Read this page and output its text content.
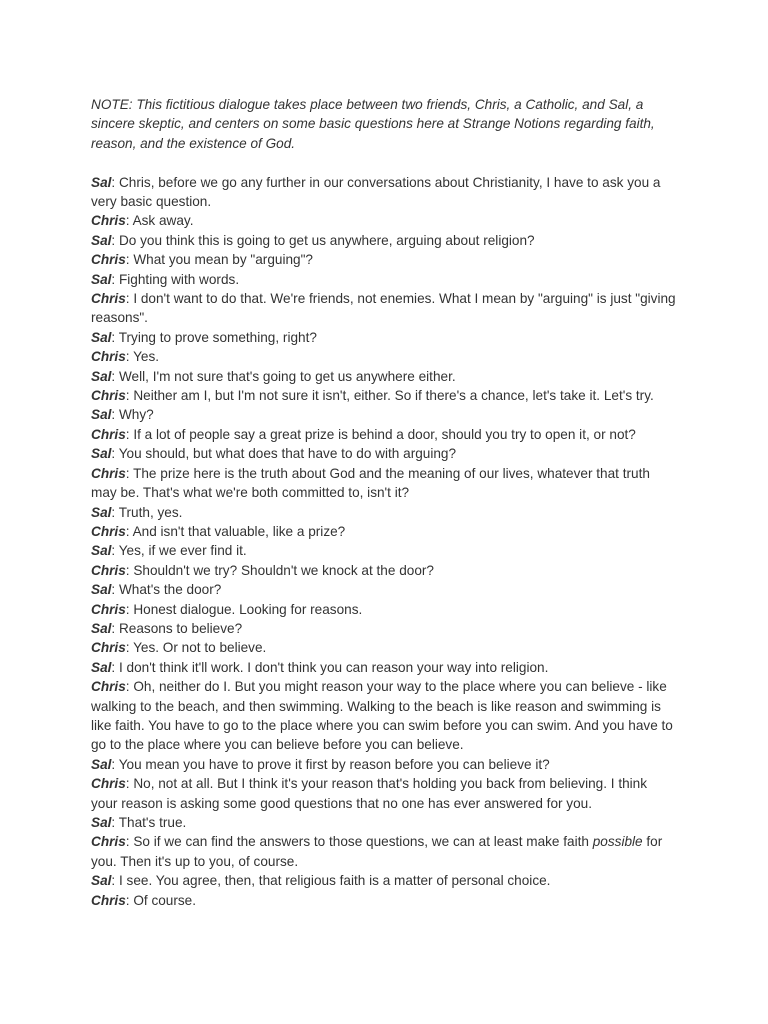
NOTE: This fictitious dialogue takes place between two friends, Chris, a Catholic, and Sal, a sincere skeptic, and centers on some basic questions here at Strange Notions regarding faith, reason, and the existence of God.

Sal: Chris, before we go any further in our conversations about Christianity, I have to ask you a very basic question.

Chris: Ask away.

Sal: Do you think this is going to get us anywhere, arguing about religion?

Chris: What you mean by "arguing"?

Sal: Fighting with words.

Chris: I don't want to do that. We're friends, not enemies. What I mean by "arguing" is just "giving reasons".

Sal: Trying to prove something, right?

Chris: Yes.

Sal: Well, I'm not sure that's going to get us anywhere either.

Chris: Neither am I, but I'm not sure it isn't, either. So if there's a chance, let's take it. Let's try.

Sal: Why?

Chris: If a lot of people say a great prize is behind a door, should you try to open it, or not?

Sal: You should, but what does that have to do with arguing?

Chris: The prize here is the truth about God and the meaning of our lives, whatever that truth may be. That's what we're both committed to, isn't it?

Sal: Truth, yes.

Chris: And isn't that valuable, like a prize?

Sal: Yes, if we ever find it.

Chris: Shouldn't we try? Shouldn't we knock at the door?

Sal: What's the door?

Chris: Honest dialogue. Looking for reasons.

Sal: Reasons to believe?

Chris: Yes. Or not to believe.

Sal: I don't think it'll work. I don't think you can reason your way into religion.

Chris: Oh, neither do I. But you might reason your way to the place where you can believe - like walking to the beach, and then swimming. Walking to the beach is like reason and swimming is like faith. You have to go to the place where you can swim before you can swim. And you have to go to the place where you can believe before you can believe.

Sal: You mean you have to prove it first by reason before you can believe it?

Chris: No, not at all. But I think it's your reason that's holding you back from believing. I think your reason is asking some good questions that no one has ever answered for you.

Sal: That's true.

Chris: So if we can find the answers to those questions, we can at least make faith possible for you. Then it's up to you, of course.

Sal: I see. You agree, then, that religious faith is a matter of personal choice.

Chris: Of course.
